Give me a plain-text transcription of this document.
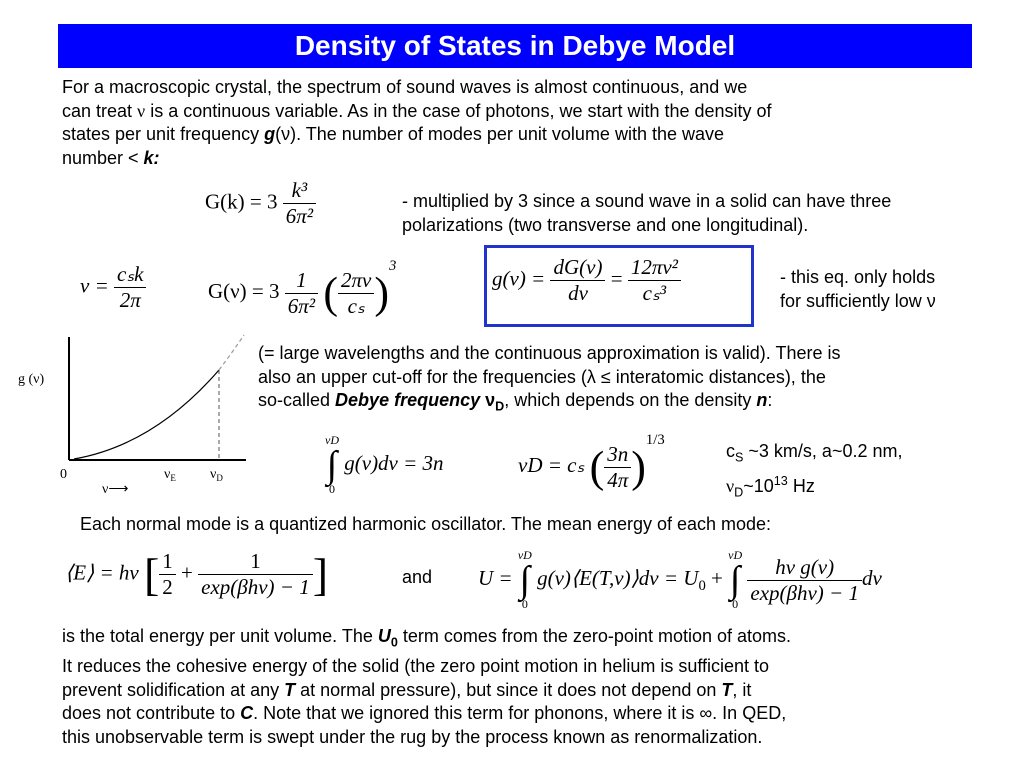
Density of States in Debye Model
For a macroscopic crystal, the spectrum of sound waves is almost continuous, and we
can treat ν is a continuous variable. As in the case of photons, we start with the density of
states per unit frequency g(ν). The number of modes per unit volume with the wave
number < k:
$G(k) = 3 \frac{\text{k³}}{\text{6π²}}$	- multiplied by 3 since a sound wave in a solid can have three polarizations (two transverse and one longitudinal).
$\nu = \frac{\text{cₛk}}{2\pi}$	$G(\nu) = 3 \frac{1}{\text{6π²}}$ ( $\frac{2\pi\nu}{\text{cₛ}} )^3$
$g(\nu) = \frac{dG(\nu)}{d\nu} = \frac{\text{12πν²}}{\text{cₛ³}}$	- this eq. only holds
for sufficiently low ν
g (ν)
0	$\nu_E$ $\nu_D$
ν⟶
(= large wavelengths and the continuous approximation is valid). There is
also an upper cut-off for the frequencies (λ ≤ interatomic distances), the
so-called Debye frequency $\nu_D$, which depends on the density n:
νD
∫
0
g(ν)dν = 3n	νD = cₛ ( $\frac{3n}{4\pi} )^{1/3}$
$c_S$ ~3 km/s, a~0.2 nm,
$\nu_D\sim 10^{13}$ Hz
Each normal mode is a quantized harmonic oscillator. The mean energy of each mode:
⟨E⟩ = hν [ $\frac{1}{2} + \frac{1}{\text{exp(βhν) − 1}}$ ]	and U =
νD
∫
0
g(ν)⟨E(T,ν)⟩dν = $U_0$ +
νD
∫
0
$\frac{\text{hν g(ν)}}{\text{exp(βhν) − 1}}$ dν
is the total energy per unit volume. The $U_0$ term comes from the zero-point motion of atoms.
It reduces the cohesive energy of the solid (the zero point motion in helium is sufficient to
prevent solidification at any T at normal pressure), but since it does not depend on T, it
does not contribute to C. Note that we ignored this term for phonons, where it is ∞. In QED,
this unobservable term is swept under the rug by the process known as renormalization.
